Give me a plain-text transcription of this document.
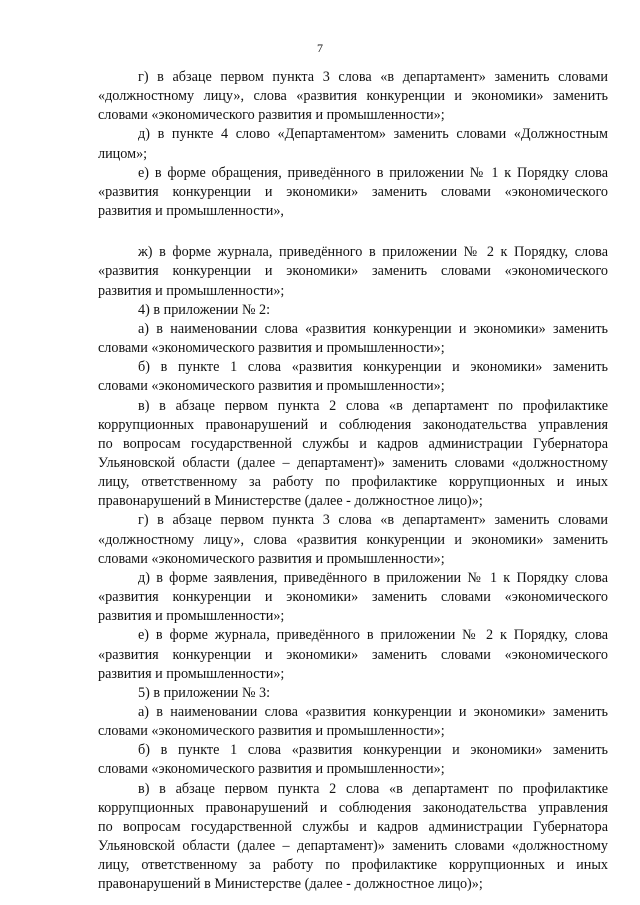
7

г) в абзаце первом пункта 3 слова «в департамент» заменить словами
«должностному лицу», слова «развития конкуренции и экономики» заменить
словами «экономического развития и промышленности»;

д) в пункте 4 слово «Департаментом» заменить словами «Должностным
лицом»;

е) в форме обращения, приведённого в приложении № 1 к Порядку слова
«развития конкуренции и экономики» заменить словами «экономического
развития и промышленности»,

ж) в форме журнала, приведённого в приложении № 2 к Порядку, слова
«развития конкуренции и экономики» заменить словами «экономического
развития и промышленности»;

4) в приложении № 2:

а) в наименовании слова «развития конкуренции и экономики» заменить
словами «экономического развития и промышленности»;

б) в пункте 1 слова «развития конкуренции и экономики» заменить
словами «экономического развития и промышленности»;

в) в абзаце первом пункта 2 слова «в департамент по профилактике
коррупционных правонарушений и соблюдения законодательства управления
по вопросам государственной службы и кадров администрации Губернатора
Ульяновской области (далее – департамент)» заменить словами «должностному
лицу, ответственному за работу по профилактике коррупционных и иных
правонарушений в Министерстве (далее - должностное лицо)»;

г) в абзаце первом пункта 3 слова «в департамент» заменить словами
«должностному лицу», слова «развития конкуренции и экономики» заменить
словами «экономического развития и промышленности»;

д) в форме заявления, приведённого в приложении № 1 к Порядку слова
«развития конкуренции и экономики» заменить словами «экономического
развития и промышленности»;

е) в форме журнала, приведённого в приложении № 2 к Порядку, слова
«развития конкуренции и экономики» заменить словами «экономического
развития и промышленности»;

5) в приложении № 3:

а) в наименовании слова «развития конкуренции и экономики» заменить
словами «экономического развития и промышленности»;

б) в пункте 1 слова «развития конкуренции и экономики» заменить
словами «экономического развития и промышленности»;

в) в абзаце первом пункта 2 слова «в департамент по профилактике
коррупционных правонарушений и соблюдения законодательства управления
по вопросам государственной службы и кадров администрации Губернатора
Ульяновской области (далее – департамент)» заменить словами «должностному
лицу, ответственному за работу по профилактике коррупционных и иных
правонарушений в Министерстве (далее - должностное лицо)»;
